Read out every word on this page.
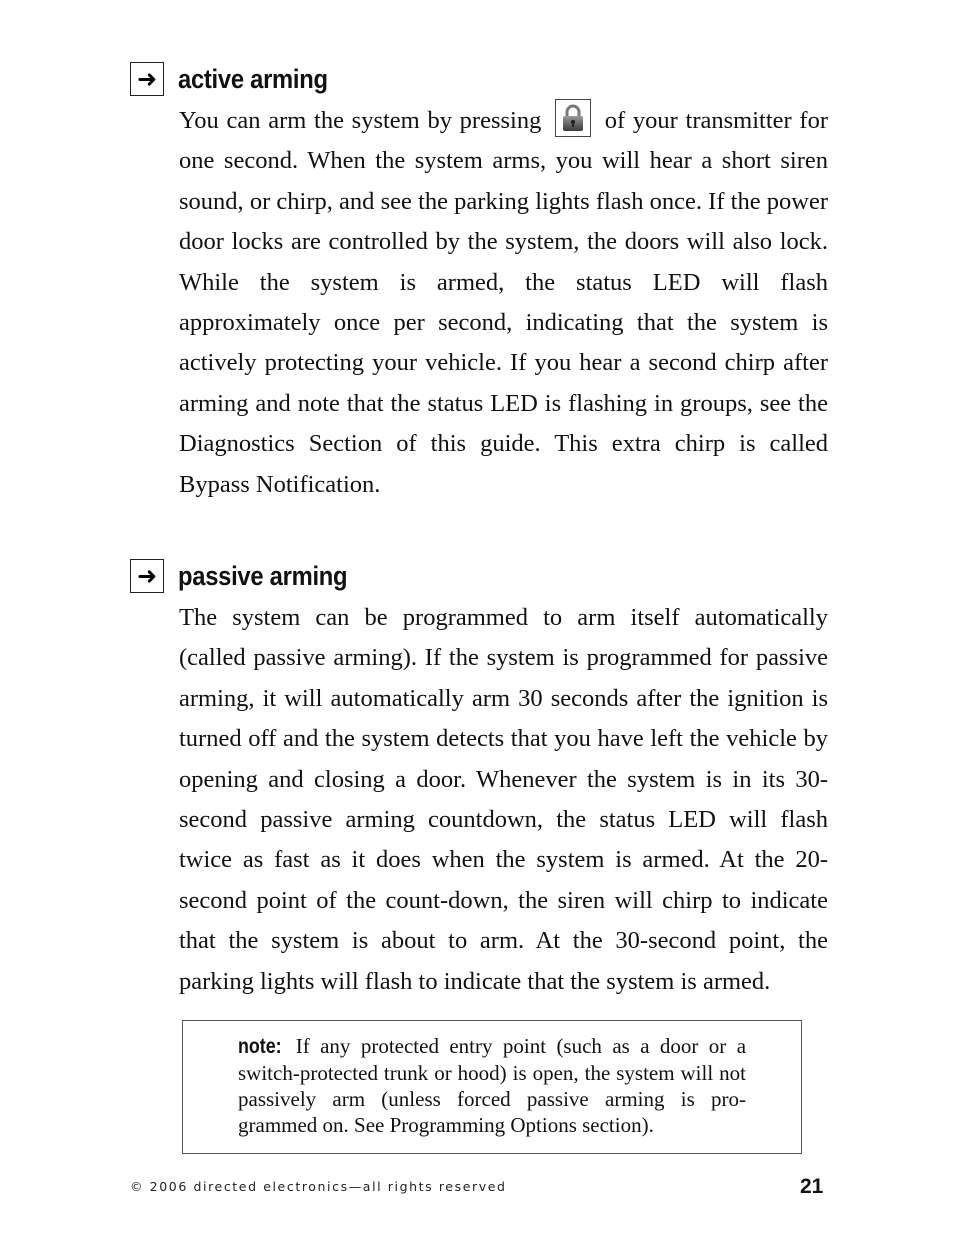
➜ active arming
You can arm the system by pressing
of your transmitter for one second. When the system arms, you will hear a short siren sound, or chirp, and see the parking lights flash once. If the power door locks are controlled by the system, the doors will also lock. While the system is armed, the status LED will flash approximately once per second, indicating that the system is actively protecting your vehicle. If you hear a second chirp after arming and note that the status LED is flashing in groups, see the Diagnostics Section of this guide. This extra chirp is called Bypass Notification.
➜ passive arming
The system can be programmed to arm itself automatically (called passive arming). If the system is programmed for passive arming, it will automatically arm 30 seconds after the ignition is turned off and the system detects that you have left the vehicle by opening and closing a door. Whenever the system is in its 30-second passive arming countdown, the status LED will flash twice as fast as it does when the system is armed. At the 20-second point of the count-down, the siren will chirp to indicate that the system is about to arm. At the 30-second point, the parking lights will flash to indicate that the system is armed.
note: If any protected entry point (such as a door or a switch-protected trunk or hood) is open, the system will not passively arm (unless forced passive arming is pro-grammed on. See Programming Options section).
© 2006 directed electronics—all rights reserved	21
